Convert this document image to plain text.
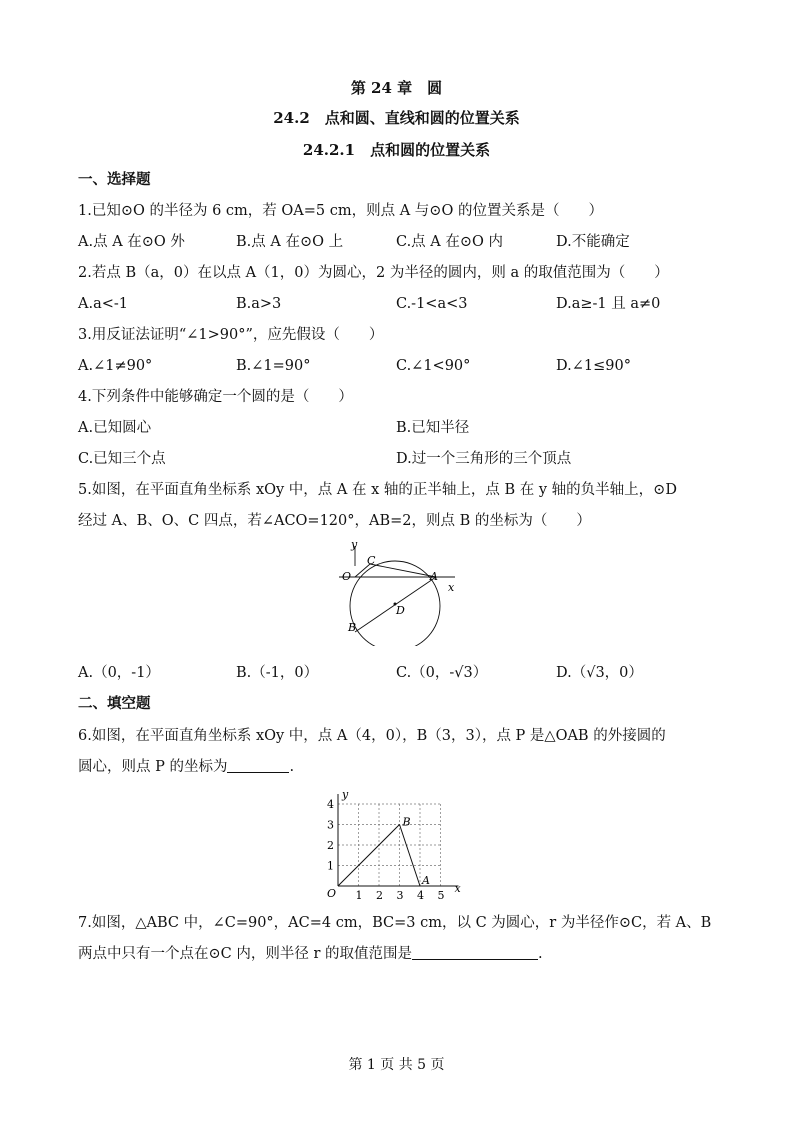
第 24 章　圆
24.2　点和圆、直线和圆的位置关系
24.2.1　点和圆的位置关系
一、选择题
1.已知⊙O 的半径为 6 cm，若 OA=5 cm，则点 A 与⊙O 的位置关系是（　　）
A.点 A 在⊙O 外	B.点 A 在⊙O 上	C.点 A 在⊙O 内	D.不能确定
2.若点 B（a，0）在以点 A（1，0）为圆心，2 为半径的圆内，则 a 的取值范围为（　　）
A.a<-1	B.a>3	C.-1<a<3	D.a≥-1 且 a≠0
3.用反证法证明“∠1>90°”，应先假设（　　）
A.∠1≠90°	B.∠1=90°	C.∠1<90°	D.∠1≤90°
4.下列条件中能够确定一个圆的是（　　）
A.已知圆心	B.已知半径
C.已知三个点	D.过一个三角形的三个顶点
5.如图，在平面直角坐标系 xOy 中，点 A 在 x 轴的正半轴上，点 B 在 y 轴的负半轴上，⊙D
经过 A、B、O、C 四点，若∠ACO=120°，AB=2，则点 B 的坐标为（　　）
y
x
C
O	A
D
B
A.（0，-1）	B.（-1，0）	C.（0，-√3）	D.（√3，0）
二、填空题
6.如图，在平面直角坐标系 xOy 中，点 A（4，0），B（3，3），点 P 是△OAB 的外接圆的
圆心，则点 P 的坐标为	.
1 2 3 4 5
1
2
3
4
O	x
y
B
A
7.如图，△ABC 中，∠C=90°，AC=4 cm，BC=3 cm，以 C 为圆心，r 为半径作⊙C，若 A、B
两点中只有一个点在⊙C 内，则半径 r 的取值范围是	.
第 1 页 共 5 页
